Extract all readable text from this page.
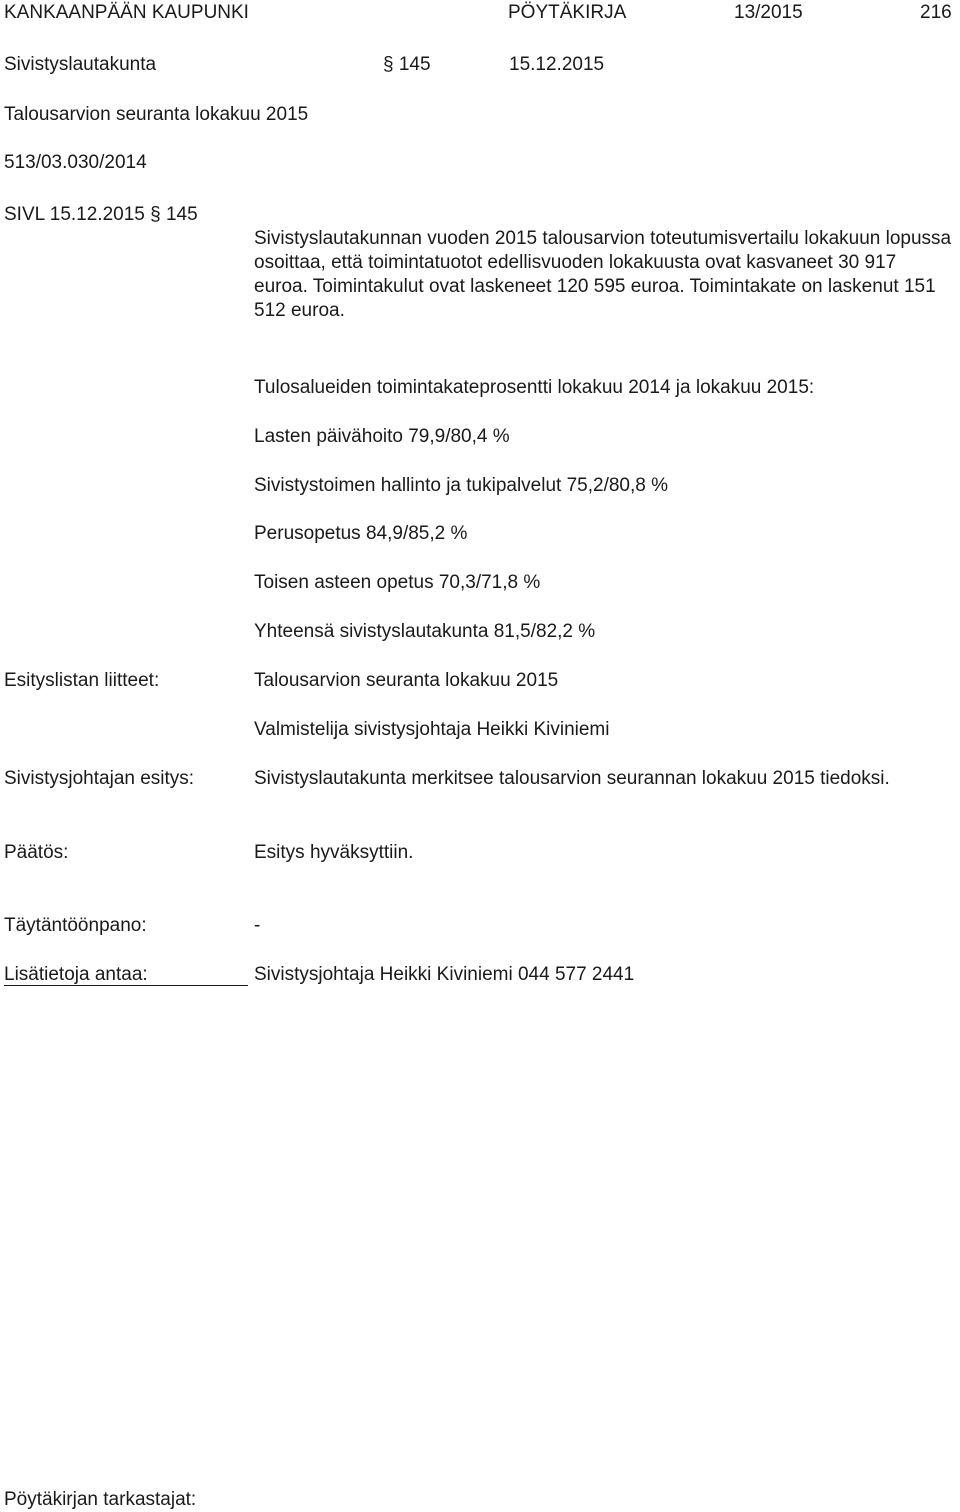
KANKAANPÄÄN KAUPUNKI	PÖYTÄKIRJA	13/2015	216
Sivistyslautakunta	§ 145	15.12.2015
Talousarvion seuranta lokakuu 2015
513/03.030/2014
SIVL 15.12.2015 § 145
Sivistyslautakunnan vuoden 2015 talousarvion toteutumisvertailu lokakuun lopussa osoittaa, että toimintatuotot edellisvuoden lokakuusta ovat kasvaneet 30 917 euroa. Toimintakulut ovat laskeneet 120 595 euroa. Toimintakate on laskenut 151 512 euroa.
Tulosalueiden toimintakateprosentti lokakuu 2014 ja lokakuu 2015:
Lasten päivähoito 79,9/80,4 %
Sivistystoimen hallinto ja tukipalvelut 75,2/80,8 %
Perusopetus 84,9/85,2 %
Toisen asteen opetus 70,3/71,8 %
Yhteensä sivistyslautakunta 81,5/82,2 %
Esityslistan liitteet:	Talousarvion seuranta lokakuu 2015
Valmistelija sivistysjohtaja Heikki Kiviniemi
Sivistysjohtajan esitys:	Sivistyslautakunta merkitsee talousarvion seurannan lokakuu 2015 tiedoksi.
Päätös:	Esitys hyväksyttiin.
Täytäntöönpano:	-
Lisätietoja antaa:	Sivistysjohtaja Heikki Kiviniemi 044 577 2441
Pöytäkirjan tarkastajat:
